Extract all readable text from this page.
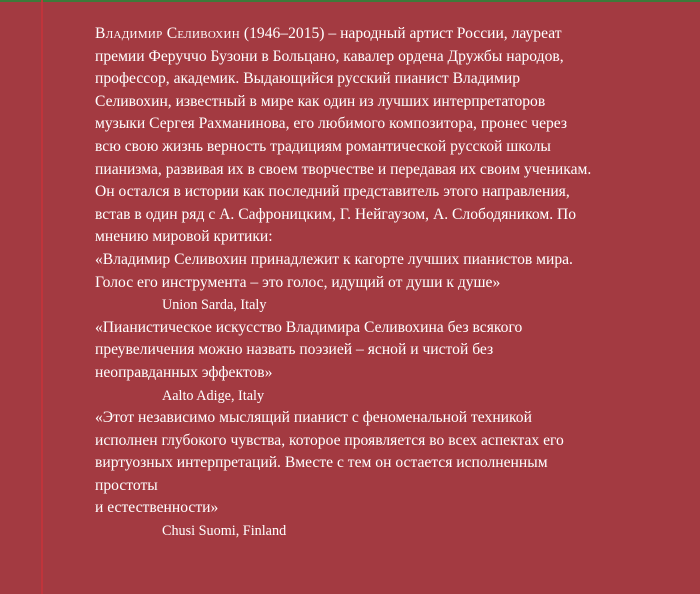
Владимир Селивохин (1946–2015) – народный артист России, лауреат
премии Феруччо Бузони в Больцано, кавалер ордена Дружбы народов,
профессор, академик. Выдающийся русский пианист Владимир
Селивохин, известный в мире как один из лучших интерпретаторов
музыки Сергея Рахманинова, его любимого композитора, пронес через
всю свою жизнь верность традициям романтической русской школы
пианизма, развивая их в своем творчестве и передавая их своим ученикам.
Он остался в истории как последний представитель этого направления,
встав в один ряд с А. Сафроницким, Г. Нейгаузом, А. Слободяником. По
мнению мировой критики:
«Владимир Селивохин принадлежит к кагорте лучших пианистов мира.
Голос его инструмента – это голос, идущий от души к душе»
Union Sarda, Italy
«Пианистическое искусство Владимира Селивохина без всякого
преувеличения можно назвать поэзией – ясной и чистой без
неоправданных эффектов»
Aalto Adige, Italy
«Этот независимо мыслящий пианист с феноменальной техникой
исполнен глубокого чувства, которое проявляется во всех аспектах его
виртуозных интерпретаций. Вместе с тем он остается исполненным
простоты
и естественности»
Chusi Suomi, Finland
